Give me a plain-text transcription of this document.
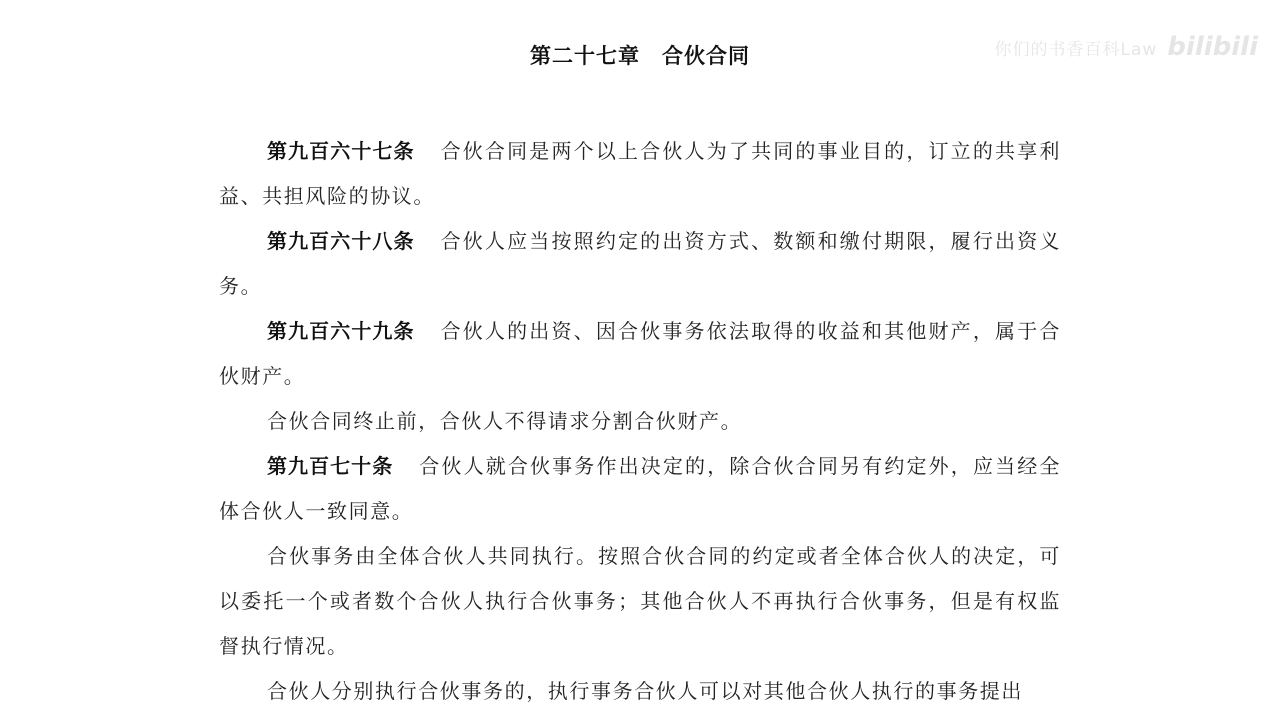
你们的书香百科Law bilibili
第二十七章　合伙合同

第九百六十七条 合伙合同是两个以上合伙人为了共同的事业目的，订立的共享利益、共担风险的协议。

第九百六十八条 合伙人应当按照约定的出资方式、数额和缴付期限，履行出资义务。

第九百六十九条 合伙人的出资、因合伙事务依法取得的收益和其他财产，属于合伙财产。

合伙合同终止前，合伙人不得请求分割合伙财产。

第九百七十条 合伙人就合伙事务作出决定的，除合伙合同另有约定外，应当经全体合伙人一致同意。

合伙事务由全体合伙人共同执行。按照合伙合同的约定或者全体合伙人的决定，可以委托一个或者数个合伙人执行合伙事务；其他合伙人不再执行合伙事务，但是有权监督执行情况。

合伙人分别执行合伙事务的，执行事务合伙人可以对其他合伙人执行的事务提出
